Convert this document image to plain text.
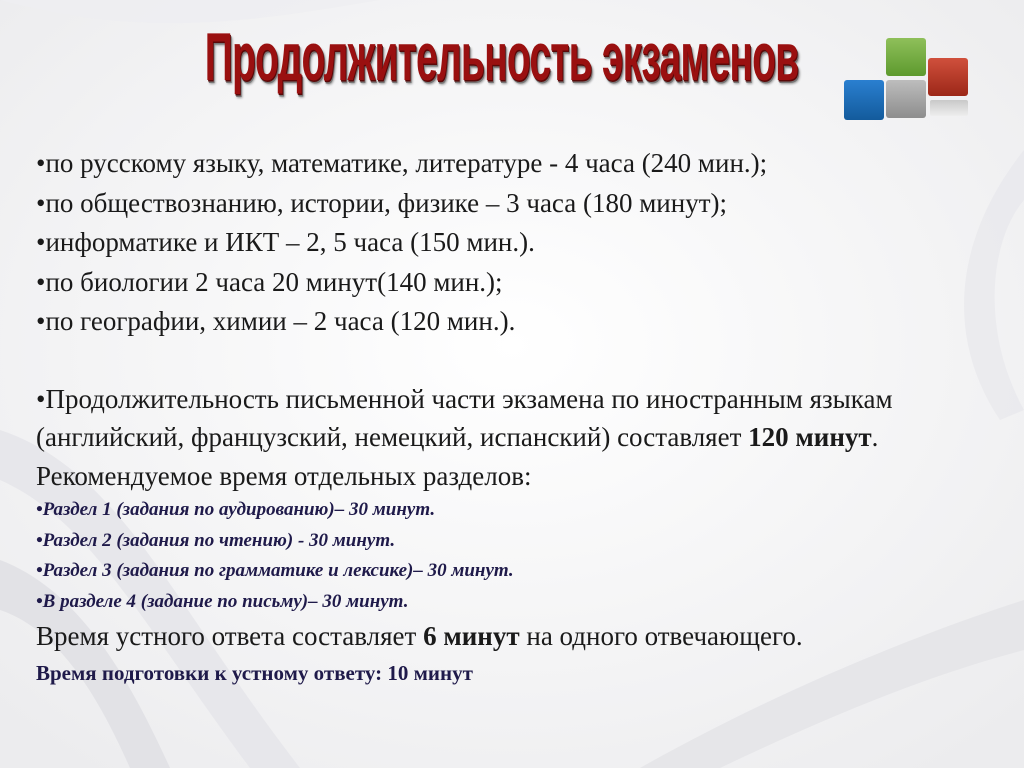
Продолжительность экзаменов
•по русскому языку, математике, литературе - 4 часа (240 мин.);
•по обществознанию, истории, физике – 3 часа (180 минут);
•информатике и ИКТ – 2, 5 часа (150 мин.).
•по биологии 2 часа 20 минут(140 мин.);
•по географии, химии – 2 часа (120 мин.).
•Продолжительность письменной части экзамена по иностранным языкам (английский, французский, немецкий, испанский) составляет 120 минут. Рекомендуемое время отдельных разделов:
•Раздел 1 (задания по аудированию)– 30 минут.
•Раздел 2 (задания по чтению) - 30 минут.
•Раздел 3 (задания по грамматике и лексике)– 30 минут.
•В разделе 4 (задание по письму)– 30 минут.
Время устного ответа составляет 6 минут на одного отвечающего.
Время подготовки к устному ответу: 10 минут
